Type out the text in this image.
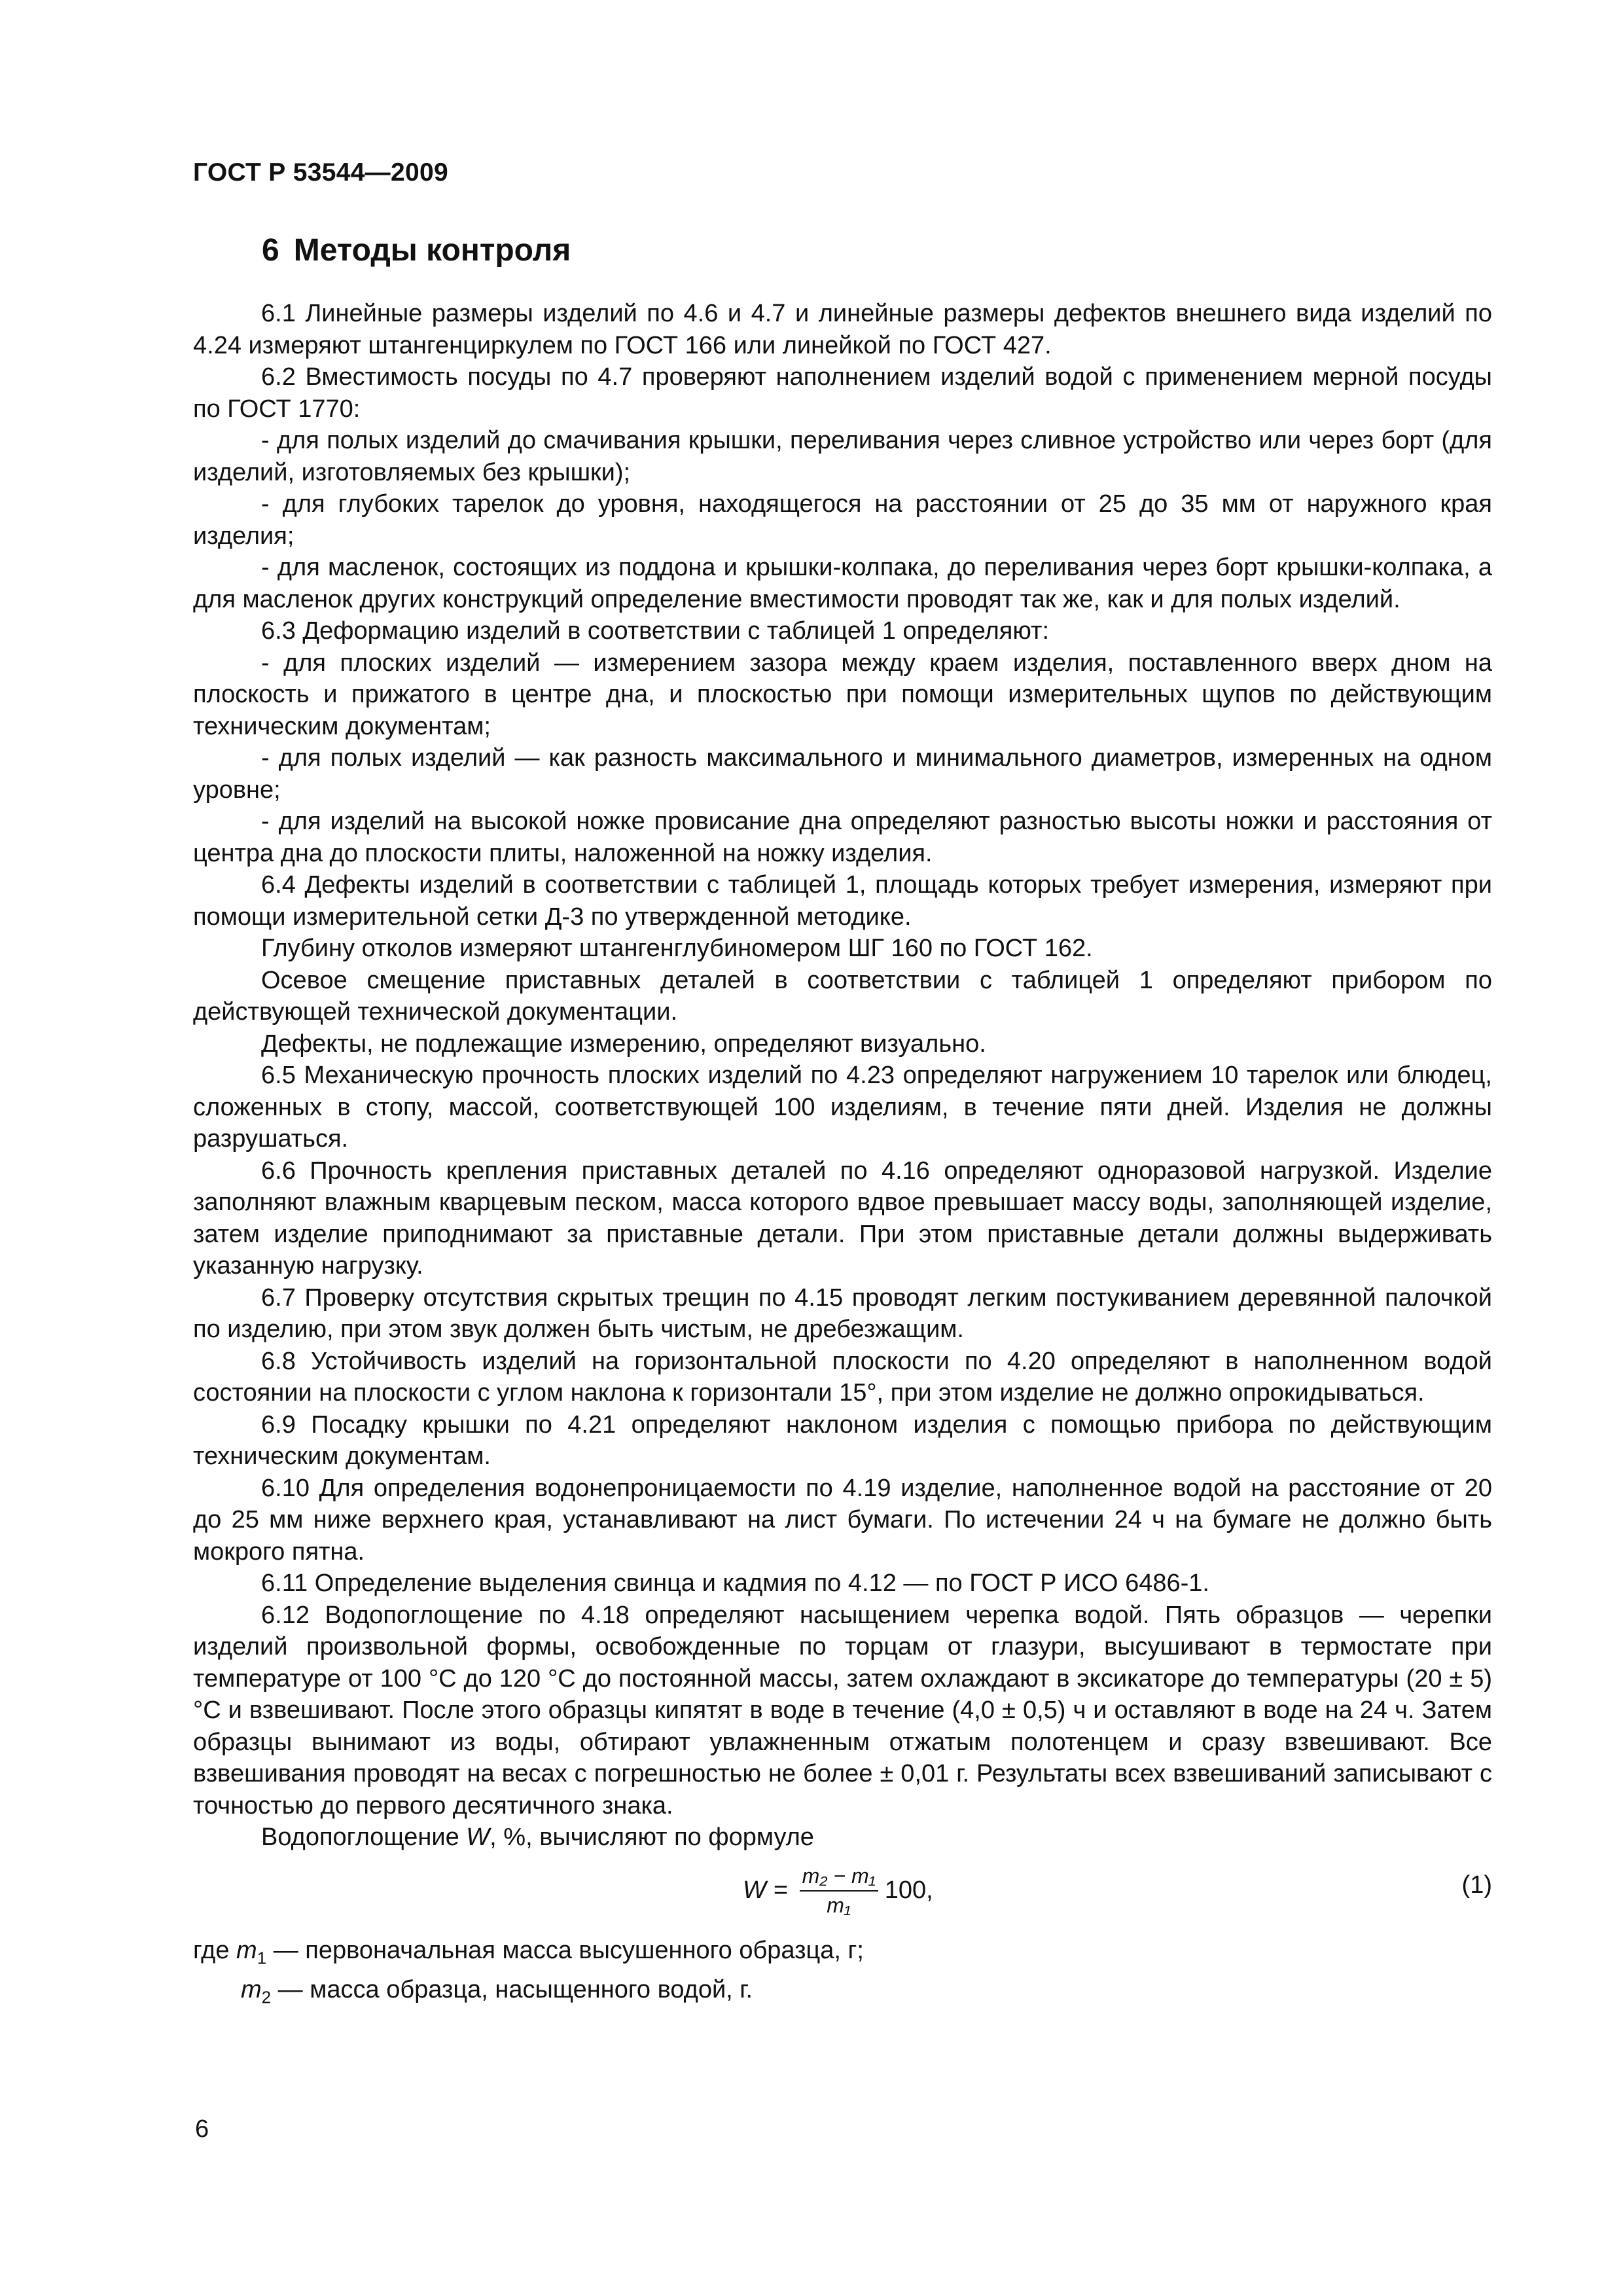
ГОСТ Р 53544—2009
6 Методы контроля

6.1 Линейные размеры изделий по 4.6 и 4.7 и линейные размеры дефектов внешнего вида изделий по 4.24 измеряют штангенциркулем по ГОСТ 166 или линейкой по ГОСТ 427.

6.2 Вместимость посуды по 4.7 проверяют наполнением изделий водой с применением мерной посуды по ГОСТ 1770:

- для полых изделий до смачивания крышки, переливания через сливное устройство или через борт (для изделий, изготовляемых без крышки);

- для глубоких тарелок до уровня, находящегося на расстоянии от 25 до 35 мм от наружного края изделия;

- для масленок, состоящих из поддона и крышки-колпака, до переливания через борт крышки-колпака, а для масленок других конструкций определение вместимости проводят так же, как и для полых изделий.

6.3 Деформацию изделий в соответствии с таблицей 1 определяют:

- для плоских изделий — измерением зазора между краем изделия, поставленного вверх дном на плоскость и прижатого в центре дна, и плоскостью при помощи измерительных щупов по действующим техническим документам;

- для полых изделий — как разность максимального и минимального диаметров, измеренных на одном уровне;

- для изделий на высокой ножке провисание дна определяют разностью высоты ножки и расстояния от центра дна до плоскости плиты, наложенной на ножку изделия.

6.4 Дефекты изделий в соответствии с таблицей 1, площадь которых требует измерения, измеряют при помощи измерительной сетки Д-3 по утвержденной методике.

Глубину отколов измеряют штангенглубиномером ШГ 160 по ГОСТ 162.

Осевое смещение приставных деталей в соответствии с таблицей 1 определяют прибором по действующей технической документации.

Дефекты, не подлежащие измерению, определяют визуально.

6.5 Механическую прочность плоских изделий по 4.23 определяют нагружением 10 тарелок или блюдец, сложенных в стопу, массой, соответствующей 100 изделиям, в течение пяти дней. Изделия не должны разрушаться.

6.6 Прочность крепления приставных деталей по 4.16 определяют одноразовой нагрузкой. Изделие заполняют влажным кварцевым песком, масса которого вдвое превышает массу воды, заполняющей изделие, затем изделие приподнимают за приставные детали. При этом приставные детали должны выдерживать указанную нагрузку.

6.7 Проверку отсутствия скрытых трещин по 4.15 проводят легким постукиванием деревянной палочкой по изделию, при этом звук должен быть чистым, не дребезжащим.

6.8 Устойчивость изделий на горизонтальной плоскости по 4.20 определяют в наполненном водой состоянии на плоскости с углом наклона к горизонтали 15°, при этом изделие не должно опрокидываться.

6.9 Посадку крышки по 4.21 определяют наклоном изделия с помощью прибора по действующим техническим документам.

6.10 Для определения водонепроницаемости по 4.19 изделие, наполненное водой на расстояние от 20 до 25 мм ниже верхнего края, устанавливают на лист бумаги. По истечении 24 ч на бумаге не должно быть мокрого пятна.

6.11 Определение выделения свинца и кадмия по 4.12 — по ГОСТ Р ИСО 6486-1.

6.12 Водопоглощение по 4.18 определяют насыщением черепка водой. Пять образцов — черепки изделий произвольной формы, освобожденные по торцам от глазури, высушивают в термостате при температуре от 100 °С до 120 °С до постоянной массы, затем охлаждают в эксикаторе до температуры (20 ± 5) °С и взвешивают. После этого образцы кипятят в воде в течение (4,0 ± 0,5) ч и оставляют в воде на 24 ч. Затем образцы вынимают из воды, обтирают увлажненным отжатым полотенцем и сразу взвешивают. Все взвешивания проводят на весах с погрешностью не более ± 0,01 г. Результаты всех взвешиваний записывают с точностью до первого десятичного знака.

Водопоглощение W, %, вычисляют по формуле

$W = \frac{\text{m₂ − m₁}}{\text{m₁}} 100$,	(1)

где $m_1$ — первоначальная масса высушенного образца, г;

$m_2$ — масса образца, насыщенного водой, г.

6
